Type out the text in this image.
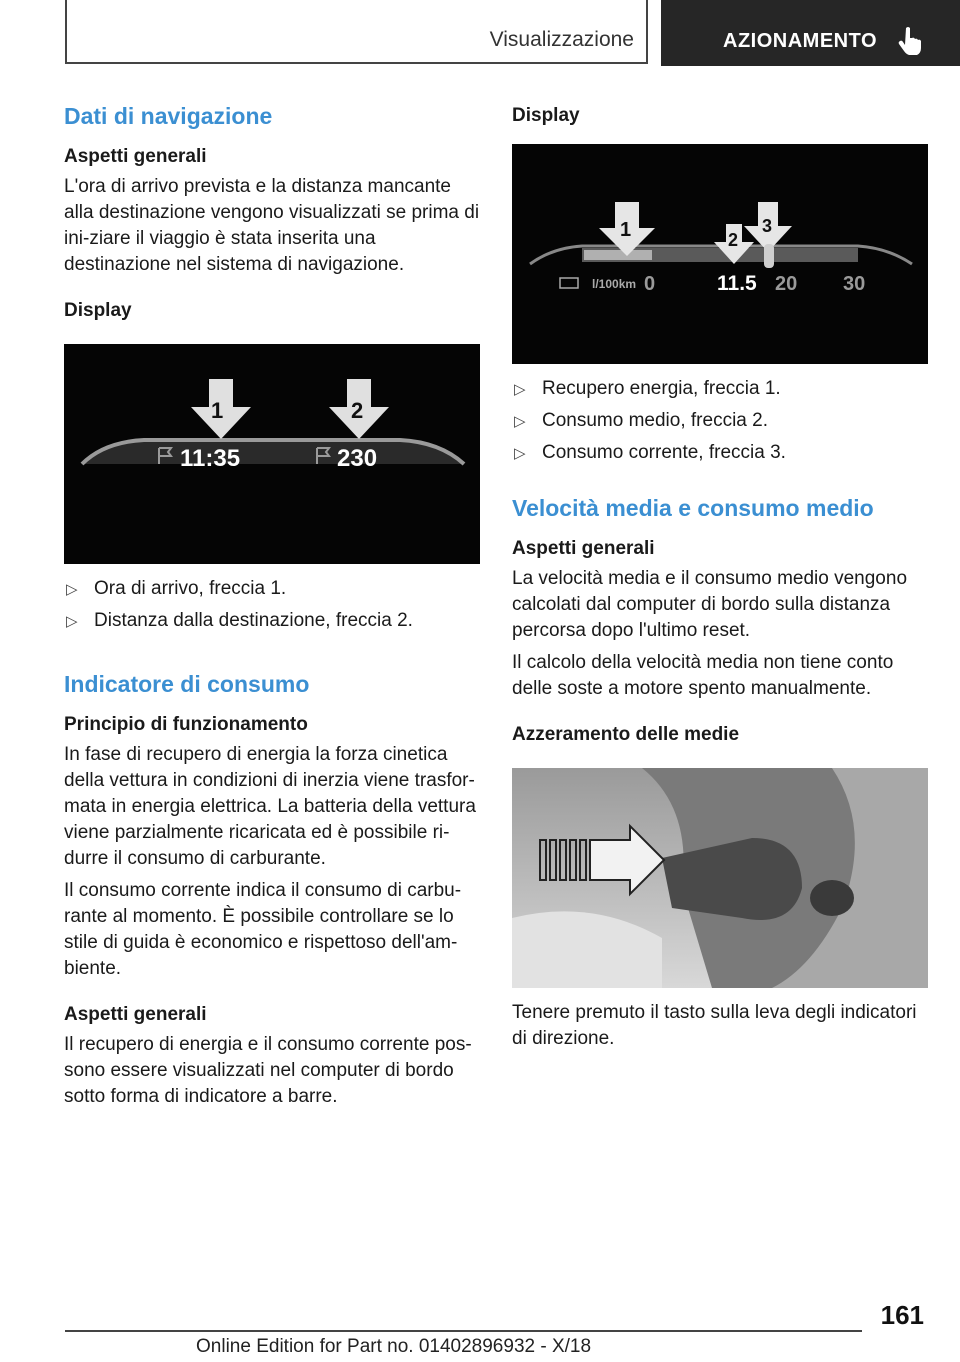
Visualizzazione	AZIONAMENTO
Dati di navigazione
Aspetti generali

L'ora di arrivo prevista e la distanza mancante alla destinazione vengono visualizzati se prima di ini-ziare il viaggio è stata inserita una destinazione nel sistema di navigazione.

Display
1	2
11:35	230
▷ Ora di arrivo, freccia 1.
▷ Distanza dalla destinazione, freccia 2.
Indicatore di consumo
Principio di funzionamento

In fase di recupero di energia la forza cinetica della vettura in condizioni di inerzia viene trasfor-mata in energia elettrica. La batteria della vettura viene parzialmente ricaricata ed è possibile ri-durre il consumo di carburante.

Il consumo corrente indica il consumo di carbu-rante al momento. È possibile controllare se lo stile di guida è economico e rispettoso dell'am-biente.

Aspetti generali

Il recupero di energia e il consumo corrente pos-sono essere visualizzati nel computer di bordo sotto forma di indicatore a barre.

Display
1	2
3
l/100km 0	11.5 20 30
▷ Recupero energia, freccia 1.
▷ Consumo medio, freccia 2.
▷ Consumo corrente, freccia 3.
Velocità media e consumo medio
Aspetti generali

La velocità media e il consumo medio vengono calcolati dal computer di bordo sulla distanza percorsa dopo l'ultimo reset.

Il calcolo della velocità media non tiene conto delle soste a motore spento manualmente.

Azzeramento delle medie

Tenere premuto il tasto sulla leva degli indicatori di direzione.

161
Online Edition for Part no. 01402896932 - X/18
